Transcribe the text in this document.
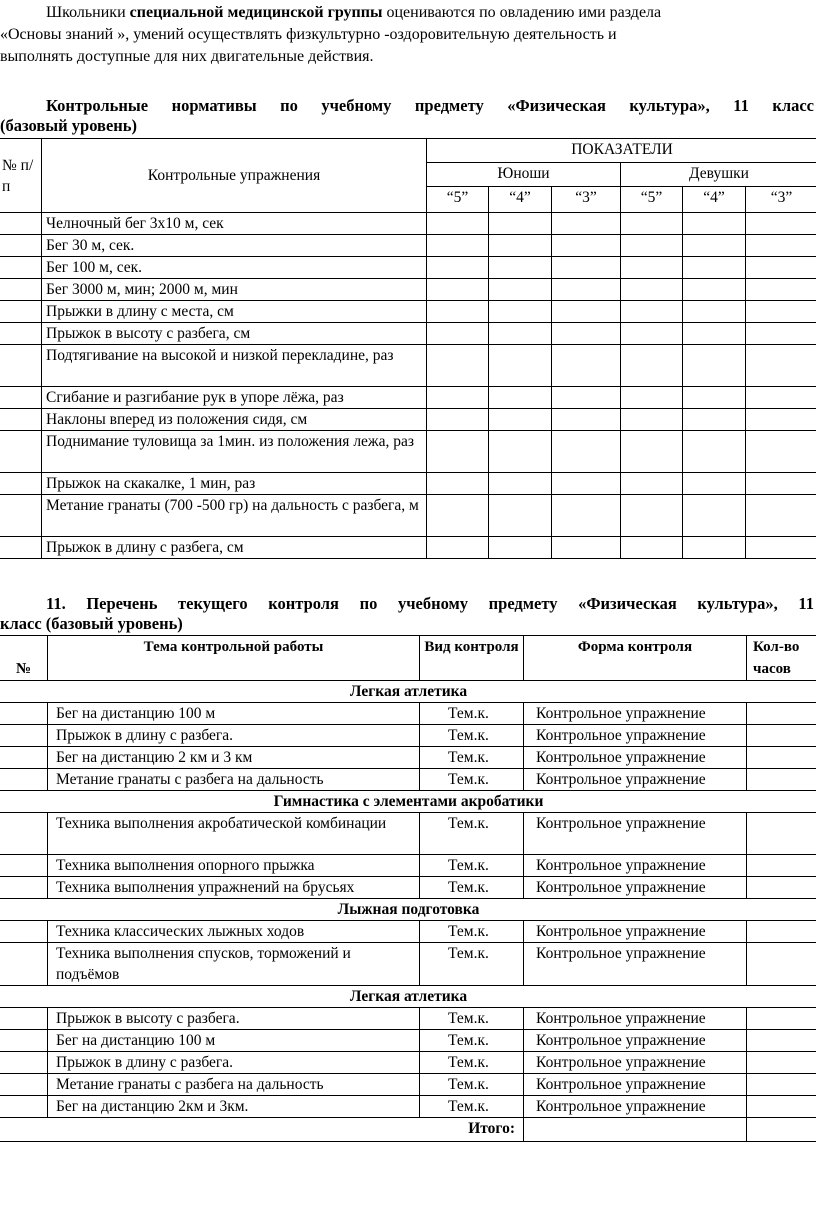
Школьники специальной медицинской группы оцениваются по овладению ими раздела
«Основы знаний », умений осуществлять физкультурно -оздоровительную деятельность и
выполнять доступные для них двигательные действия.
Контрольные нормативы по учебному предмету «Физическая культура», 11 класс
(базовый уровень)
№ п/п	Контрольные упражнения	ПОКАЗАТЕЛИ					
		Юноши			Девушки		
		“5”	“4”	“3”	“5”	“4”	“3”
	Челночный бег 3х10 м, сек						
	Бег 30 м, сек.						
	Бег 100 м, сек.						
	Бег 3000 м, мин; 2000 м, мин						
	Прыжки в длину с места, см						
	Прыжок в высоту с разбега, см						
	Подтягивание на высокой и низкой перекладине, раз						
	Сгибание и разгибание рук в упоре лёжа, раз						
	Наклоны вперед из положения сидя, см						
	Поднимание туловища за 1мин. из положения лежа, раз						
	Прыжок на скакалке, 1 мин, раз						
	Метание гранаты (700 -500 гр) на дальность с разбега, м						
	Прыжок в длину с разбега, см						
11. Перечень текущего контроля по учебному предмету «Физическая культура», 11
класс (базовый уровень)
№	Тема контрольной работы	Вид контроля	Форма контроля	Кол-во часов
Легкая атлетика				
	Бег на дистанцию 100 м	Тем.к.	Контрольное упражнение	
	Прыжок в длину с разбега.	Тем.к.	Контрольное упражнение	
	Бег на дистанцию 2 км и 3 км	Тем.к.	Контрольное упражнение	
	Метание гранаты с разбега на дальность	Тем.к.	Контрольное упражнение	
Гимнастика с элементами акробатики				
	Техника выполнения акробатической комбинации	Тем.к.	Контрольное упражнение	
	Техника выполнения опорного прыжка	Тем.к.	Контрольное упражнение	
	Техника выполнения упражнений на брусьях	Тем.к.	Контрольное упражнение	
Лыжная подготовка				
	Техника классических лыжных ходов	Тем.к.	Контрольное упражнение	
	Техника выполнения спусков, торможений и подъёмов	Тем.к.	Контрольное упражнение	
Легкая атлетика				
	Прыжок в высоту с разбега.	Тем.к.	Контрольное упражнение	
	Бег на дистанцию 100 м	Тем.к.	Контрольное упражнение	
	Прыжок в длину с разбега.	Тем.к.	Контрольное упражнение	
	Метание гранаты с разбега на дальность	Тем.к.	Контрольное упражнение	
	Бег на дистанцию 2км и 3км.	Тем.к.	Контрольное упражнение	
Итого:				
